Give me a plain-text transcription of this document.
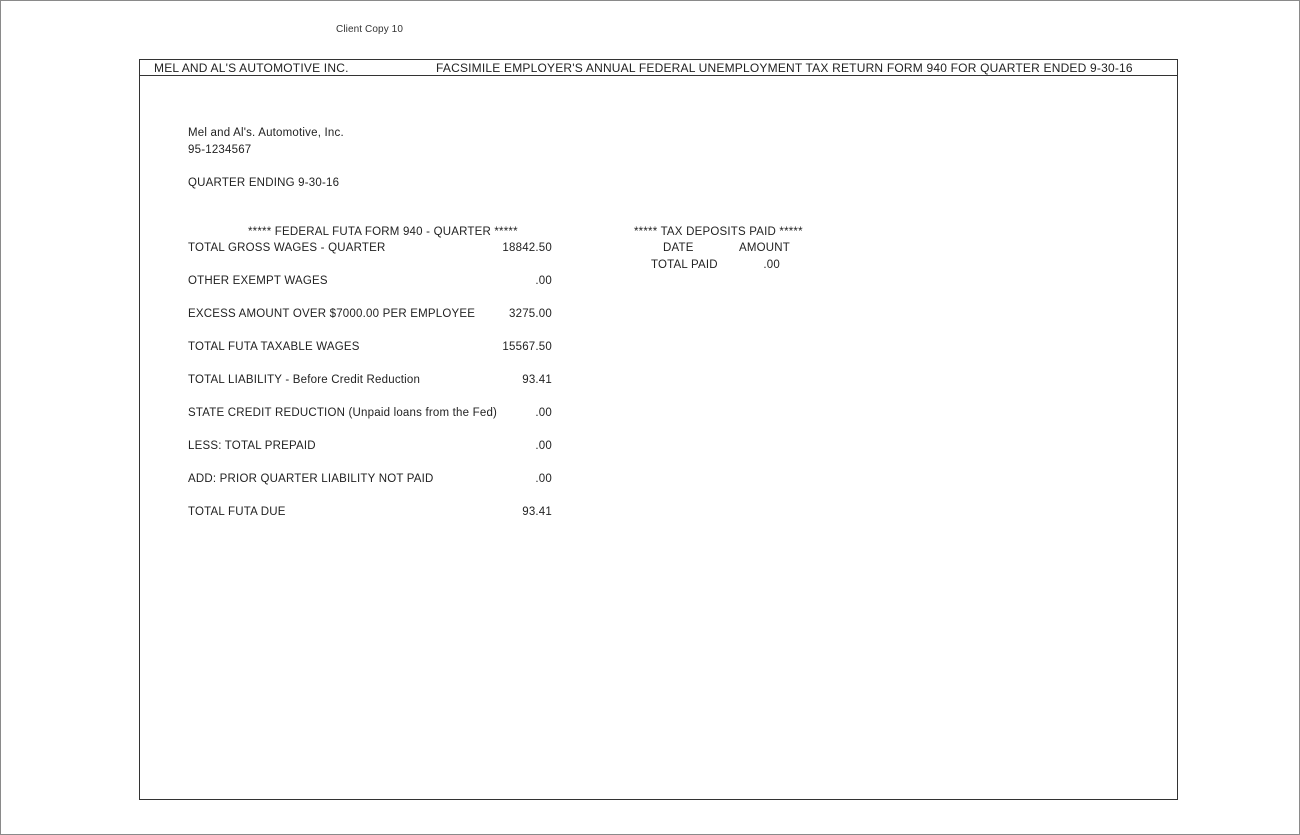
Client Copy 10
MEL AND AL'S AUTOMOTIVE INC.	FACSIMILE EMPLOYER'S ANNUAL FEDERAL UNEMPLOYMENT TAX RETURN FORM 940 FOR QUARTER ENDED 9-30-16
Mel and Al's. Automotive, Inc.
95-1234567
QUARTER ENDING 9-30-16
***** FEDERAL FUTA FORM 940 - QUARTER *****
TOTAL GROSS WAGES - QUARTER	18842.50
OTHER EXEMPT WAGES	.00
EXCESS AMOUNT OVER $7000.00 PER EMPLOYEE	3275.00
TOTAL FUTA TAXABLE WAGES	15567.50
TOTAL LIABILITY - Before Credit Reduction	93.41
STATE CREDIT REDUCTION (Unpaid loans from the Fed)	.00
LESS: TOTAL PREPAID	.00
ADD: PRIOR QUARTER LIABILITY NOT PAID	.00
TOTAL FUTA DUE	93.41
***** TAX DEPOSITS PAID *****
DATE	AMOUNT
TOTAL PAID	.00
